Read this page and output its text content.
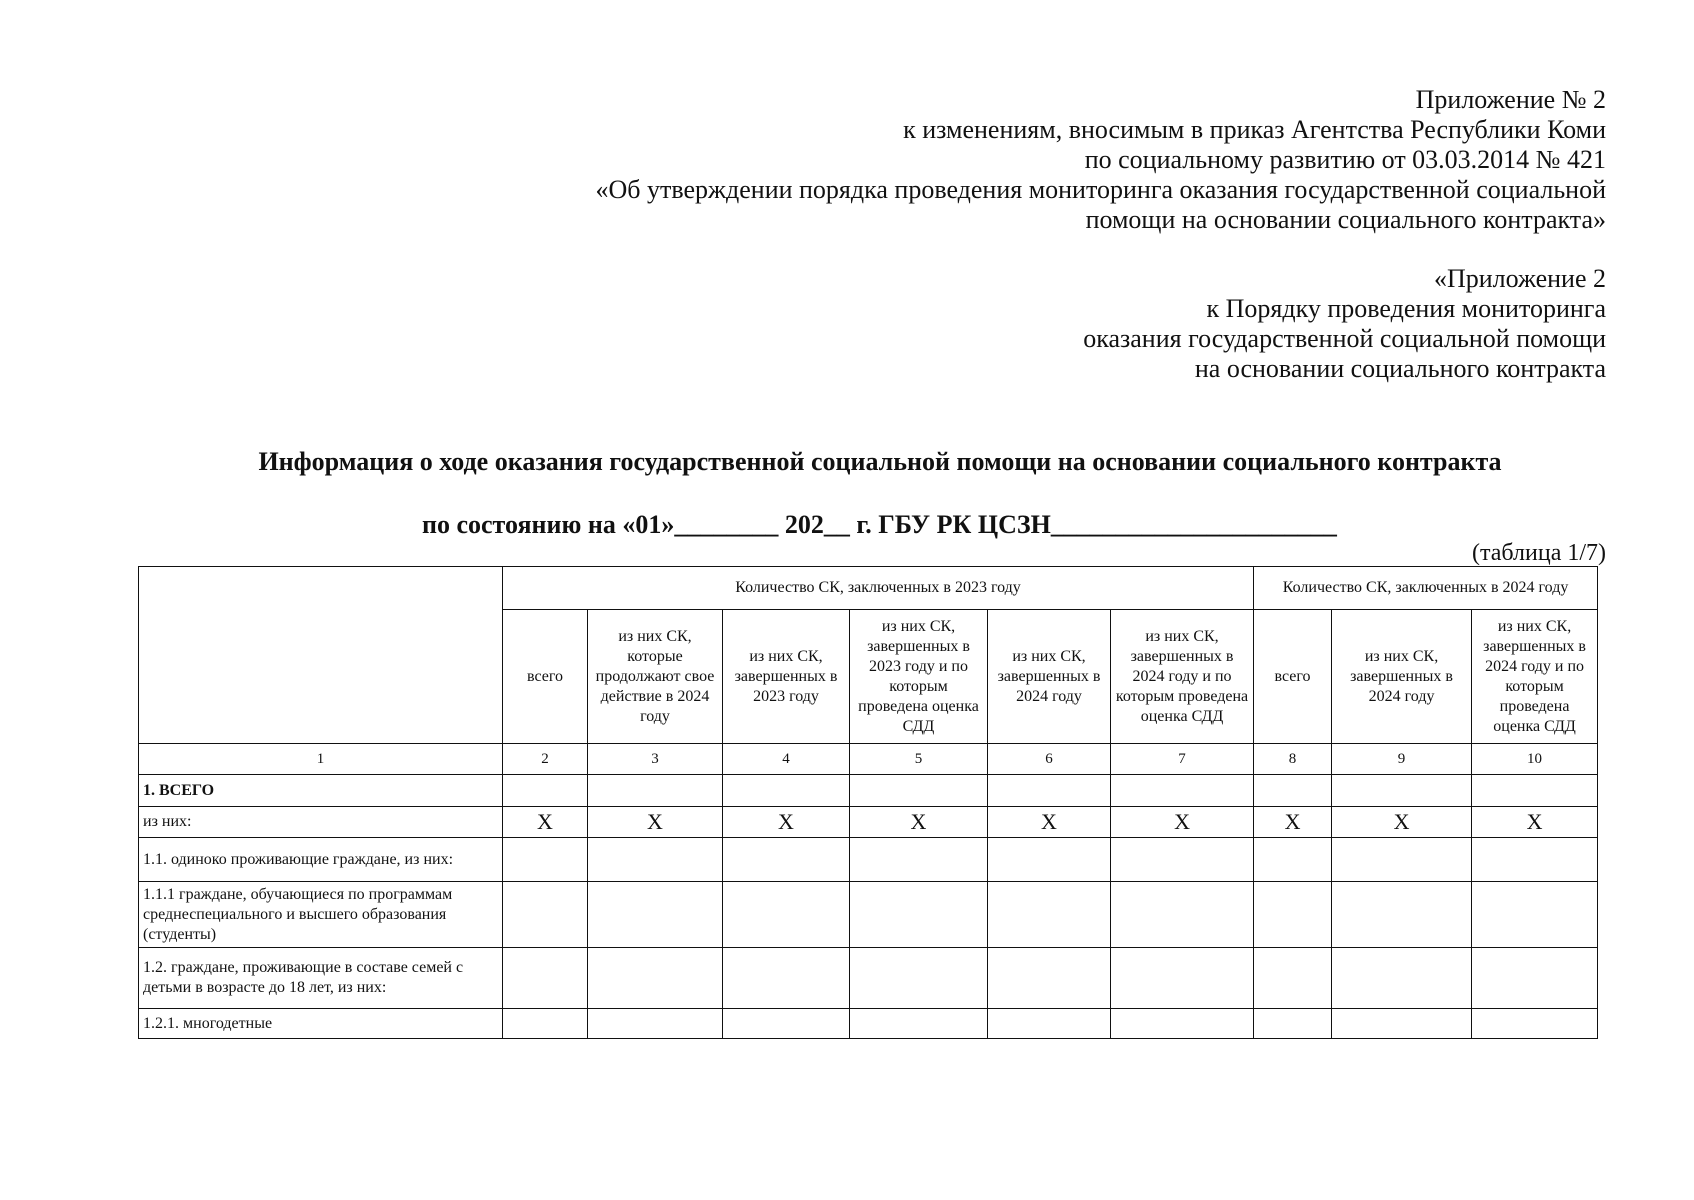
Приложение № 2
к изменениям, вносимым в приказ Агентства Республики Коми
по социальному развитию от 03.03.2014 № 421
«Об утверждении порядка проведения мониторинга оказания государственной социальной
помощи на основании социального контракта»
«Приложение 2
к Порядку проведения мониторинга
оказания государственной социальной помощи
на основании социального контракта
Информация о ходе оказания государственной социальной помощи на основании социального контракта
по состоянию на «01»________ 202__ г. ГБУ РК ЦСЗН______________________
(таблица 1/7)
	Количество СК, заключенных в 2023 году						Количество СК, заключенных в 2024 году		
	всего	из них СК, которые продолжают свое действие в 2024 году	из них СК, завершенных в 2023 году	из них СК, завершенных в 2023 году и по которым проведена оценка СДД	из них СК, завершенных в 2024 году	из них СК, завершенных в 2024 году и по которым проведена оценка СДД	всего	из них СК, завершенных в 2024 году	из них СК, завершенных в 2024 году и по которым проведена оценка СДД
1	2	3	4	5	6	7	8	9	10
1. ВСЕГО									
из них:	X	X	X	X	X	X	X	X	X
1.1. одиноко проживающие граждане, из них:									
1.1.1 граждане, обучающиеся по программам среднеспециального и высшего образования (студенты)									
1.2. граждане, проживающие в составе семей с детьми в возрасте до 18 лет, из них:									
1.2.1. многодетные									
